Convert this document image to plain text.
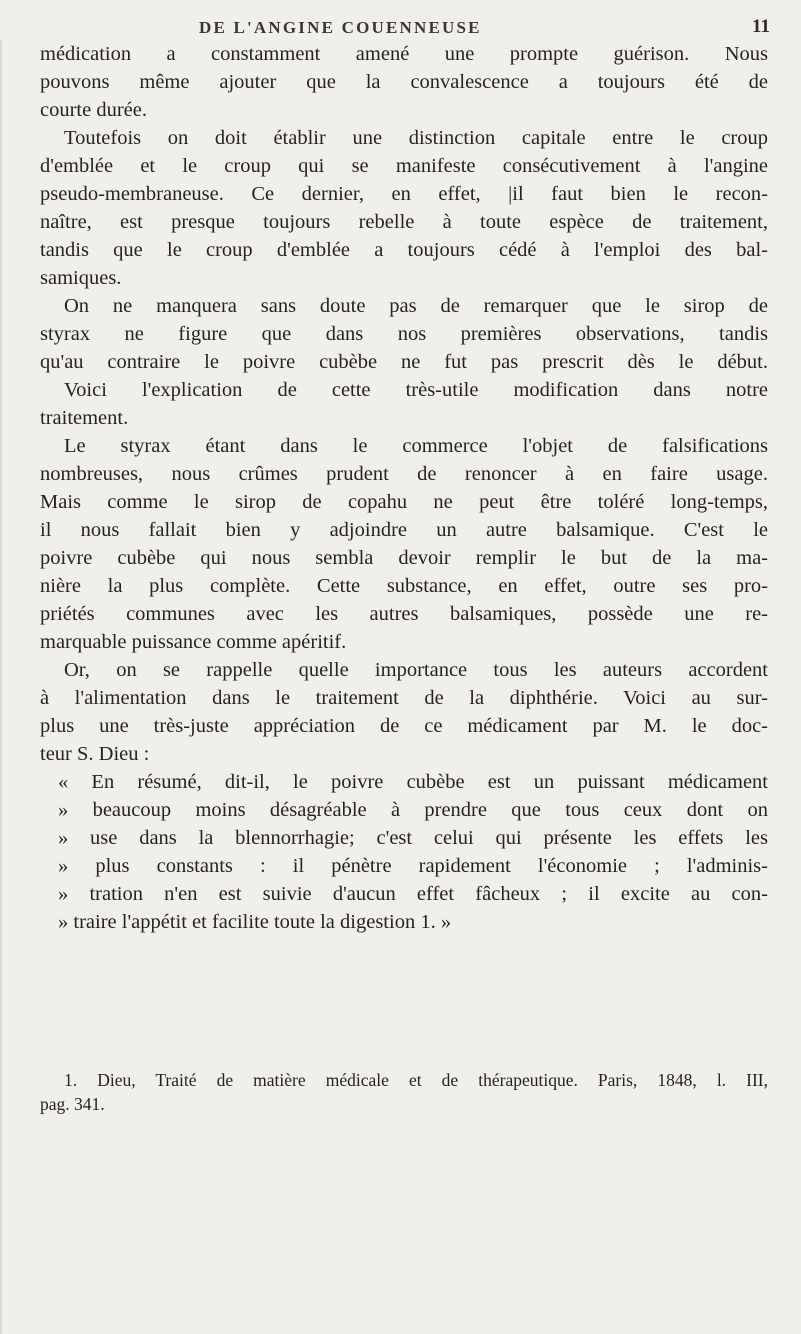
DE L'ANGINE COUENNEUSE	11
médication a constamment amené une prompte guérison. Nous
pouvons même ajouter que la convalescence a toujours été de
courte durée.
Toutefois on doit établir une distinction capitale entre le croup
d'emblée et le croup qui se manifeste consécutivement à l'angine
pseudo-membraneuse. Ce dernier, en effet, |il faut bien le recon-
naître, est presque toujours rebelle à toute espèce de traitement,
tandis que le croup d'emblée a toujours cédé à l'emploi des bal-
samiques.
On ne manquera sans doute pas de remarquer que le sirop de
styrax ne figure que dans nos premières observations, tandis
qu'au contraire le poivre cubèbe ne fut pas prescrit dès le début.
Voici l'explication de cette très-utile modification dans notre
traitement.
Le styrax étant dans le commerce l'objet de falsifications
nombreuses, nous crûmes prudent de renoncer à en faire usage.
Mais comme le sirop de copahu ne peut être toléré long-temps,
il nous fallait bien y adjoindre un autre balsamique. C'est le
poivre cubèbe qui nous sembla devoir remplir le but de la ma-
nière la plus complète. Cette substance, en effet, outre ses pro-
priétés communes avec les autres balsamiques, possède une re-
marquable puissance comme apéritif.
Or, on se rappelle quelle importance tous les auteurs accordent
à l'alimentation dans le traitement de la diphthérie. Voici au sur-
plus une très-juste appréciation de ce médicament par M. le doc-
teur S. Dieu :
« En résumé, dit-il, le poivre cubèbe est un puissant médicament
» beaucoup moins désagréable à prendre que tous ceux dont on
» use dans la blennorrhagie; c'est celui qui présente les effets les
» plus constants : il pénètre rapidement l'économie ; l'adminis-
» tration n'en est suivie d'aucun effet fâcheux ; il excite au con-
» traire l'appétit et facilite toute la digestion 1. »
1. Dieu, Traité de matière médicale et de thérapeutique. Paris, 1848, l. III,
pag. 341.
